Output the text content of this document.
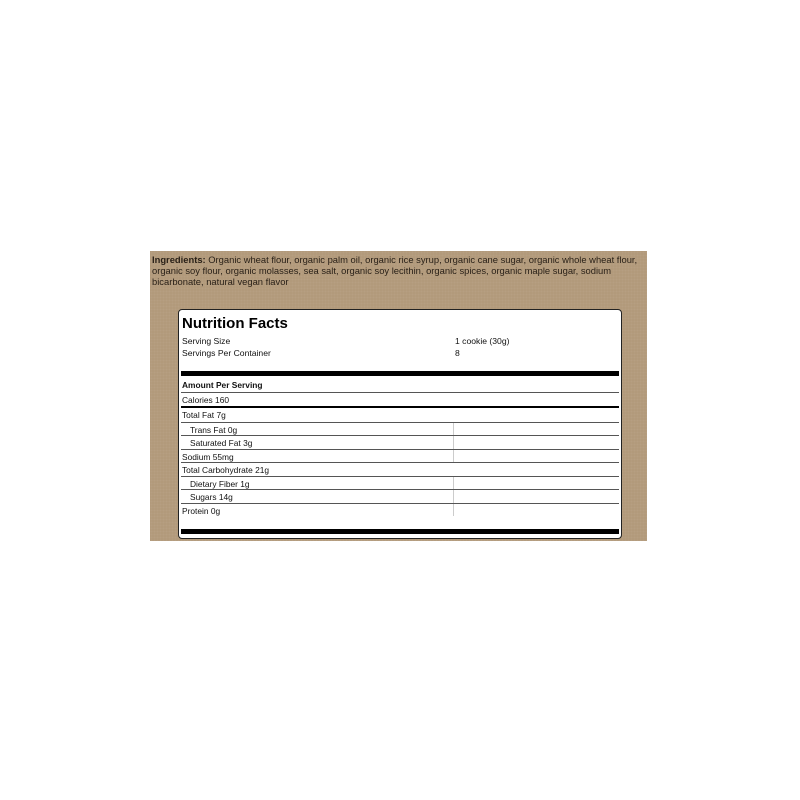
Ingredients: Organic wheat flour, organic palm oil, organic rice syrup, organic cane sugar, organic whole wheat flour, organic soy flour, organic molasses, sea salt, organic soy lecithin, organic spices, organic maple sugar, sodium bicarbonate, natural vegan flavor
Nutrition Facts
Serving Size	1 cookie (30g)
Servings Per Container	8
Amount Per Serving
Calories 160
Total Fat 7g
Trans Fat 0g
Saturated Fat 3g
Sodium 55mg
Total Carbohydrate 21g
Dietary Fiber 1g
Sugars 14g
Protein 0g
